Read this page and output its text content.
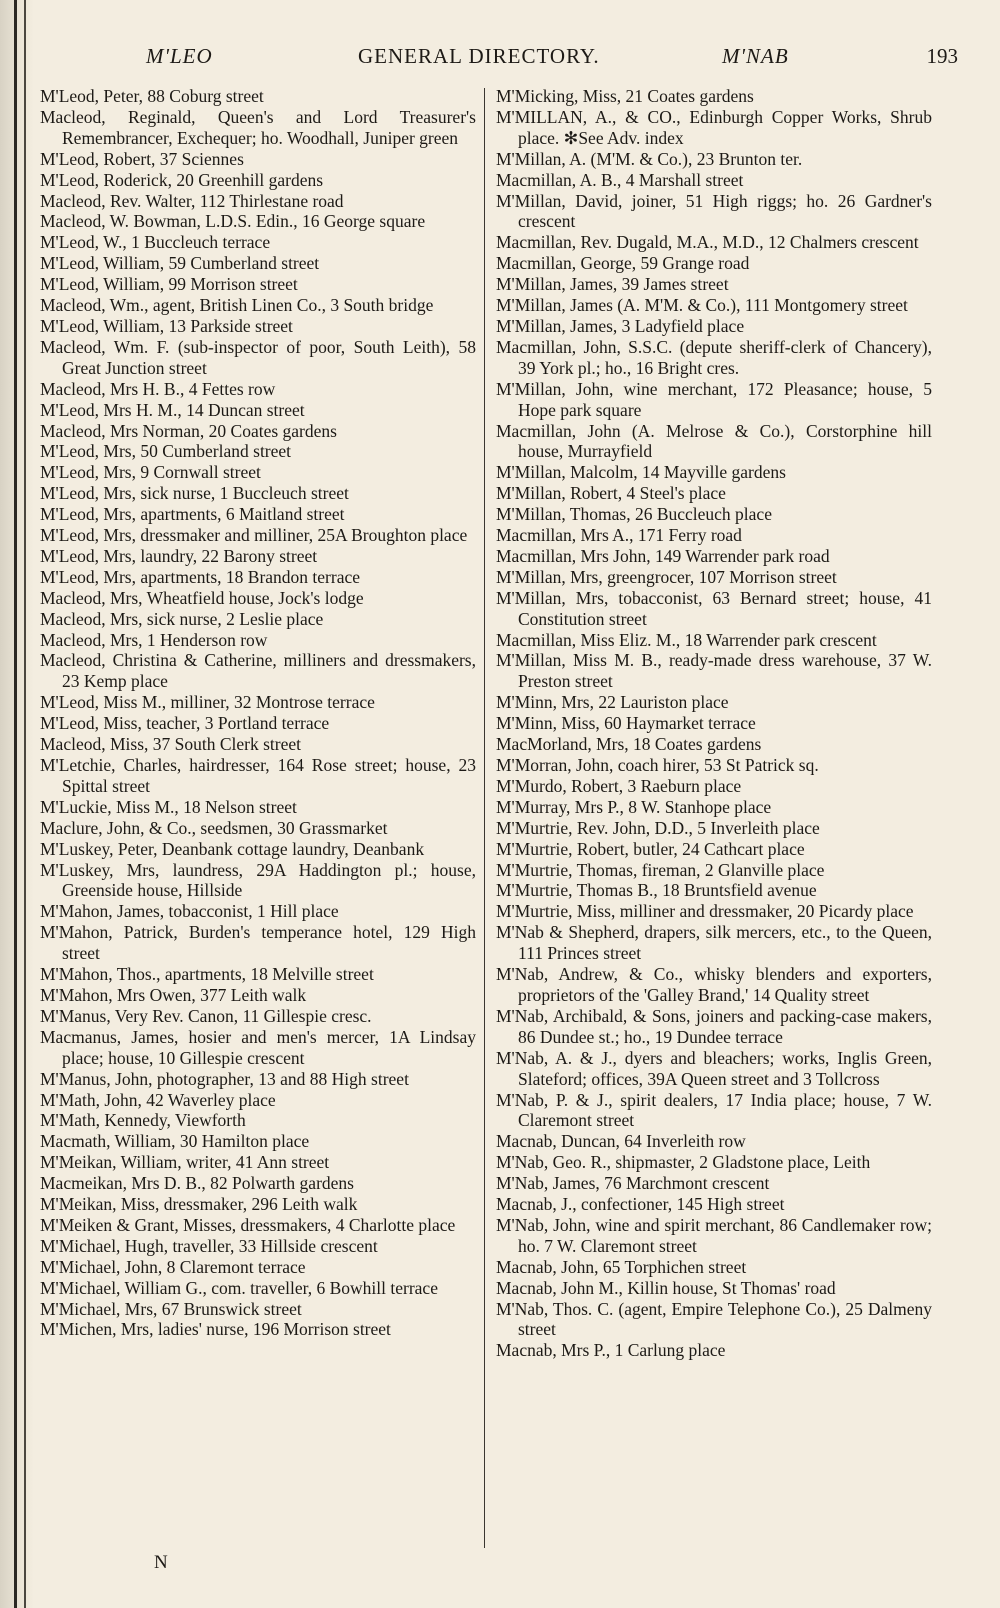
M'LEO	GENERAL DIRECTORY.	M'NAB	193

M'Leod, Peter, 88 Coburg street

Macleod, Reginald, Queen's and Lord Treasurer's Remembrancer, Exchequer; ho. Woodhall, Juniper green

M'Leod, Robert, 37 Sciennes

M'Leod, Roderick, 20 Greenhill gardens

Macleod, Rev. Walter, 112 Thirlestane road

Macleod, W. Bowman, L.D.S. Edin., 16 George square

M'Leod, W., 1 Buccleuch terrace

M'Leod, William, 59 Cumberland street

M'Leod, William, 99 Morrison street

Macleod, Wm., agent, British Linen Co., 3 South bridge

M'Leod, William, 13 Parkside street

Macleod, Wm. F. (sub-inspector of poor, South Leith), 58 Great Junction street

Macleod, Mrs H. B., 4 Fettes row

M'Leod, Mrs H. M., 14 Duncan street

Macleod, Mrs Norman, 20 Coates gardens

M'Leod, Mrs, 50 Cumberland street

M'Leod, Mrs, 9 Cornwall street

M'Leod, Mrs, sick nurse, 1 Buccleuch street

M'Leod, Mrs, apartments, 6 Maitland street

M'Leod, Mrs, dressmaker and milliner, 25A Broughton place

M'Leod, Mrs, laundry, 22 Barony street

M'Leod, Mrs, apartments, 18 Brandon terrace

Macleod, Mrs, Wheatfield house, Jock's lodge

Macleod, Mrs, sick nurse, 2 Leslie place

Macleod, Mrs, 1 Henderson row

Macleod, Christina & Catherine, milliners and dressmakers, 23 Kemp place

M'Leod, Miss M., milliner, 32 Montrose terrace

M'Leod, Miss, teacher, 3 Portland terrace

Macleod, Miss, 37 South Clerk street

M'Letchie, Charles, hairdresser, 164 Rose street; house, 23 Spittal street

M'Luckie, Miss M., 18 Nelson street

Maclure, John, & Co., seedsmen, 30 Grassmarket

M'Luskey, Peter, Deanbank cottage laundry, Deanbank

M'Luskey, Mrs, laundress, 29A Haddington pl.; house, Greenside house, Hillside

M'Mahon, James, tobacconist, 1 Hill place

M'Mahon, Patrick, Burden's temperance hotel, 129 High street

M'Mahon, Thos., apartments, 18 Melville street

M'Mahon, Mrs Owen, 377 Leith walk

M'Manus, Very Rev. Canon, 11 Gillespie cresc.

Macmanus, James, hosier and men's mercer, 1A Lindsay place; house, 10 Gillespie crescent

M'Manus, John, photographer, 13 and 88 High street

M'Math, John, 42 Waverley place

M'Math, Kennedy, Viewforth

Macmath, William, 30 Hamilton place

M'Meikan, William, writer, 41 Ann street

Macmeikan, Mrs D. B., 82 Polwarth gardens

M'Meikan, Miss, dressmaker, 296 Leith walk

M'Meiken & Grant, Misses, dressmakers, 4 Charlotte place

M'Michael, Hugh, traveller, 33 Hillside crescent

M'Michael, John, 8 Claremont terrace

M'Michael, William G., com. traveller, 6 Bowhill terrace

M'Michael, Mrs, 67 Brunswick street

M'Michen, Mrs, ladies' nurse, 196 Morrison street

M'Micking, Miss, 21 Coates gardens

M'MILLAN, A., & CO., Edinburgh Copper Works, Shrub place. ✻See Adv. index

M'Millan, A. (M'M. & Co.), 23 Brunton ter.

Macmillan, A. B., 4 Marshall street

M'Millan, David, joiner, 51 High riggs; ho. 26 Gardner's crescent

Macmillan, Rev. Dugald, M.A., M.D., 12 Chalmers crescent

Macmillan, George, 59 Grange road

M'Millan, James, 39 James street

M'Millan, James (A. M'M. & Co.), 111 Montgomery street

M'Millan, James, 3 Ladyfield place

Macmillan, John, S.S.C. (depute sheriff-clerk of Chancery), 39 York pl.; ho., 16 Bright cres.

M'Millan, John, wine merchant, 172 Pleasance; house, 5 Hope park square

Macmillan, John (A. Melrose & Co.), Corstorphine hill house, Murrayfield

M'Millan, Malcolm, 14 Mayville gardens

M'Millan, Robert, 4 Steel's place

M'Millan, Thomas, 26 Buccleuch place

Macmillan, Mrs A., 171 Ferry road

Macmillan, Mrs John, 149 Warrender park road

M'Millan, Mrs, greengrocer, 107 Morrison street

M'Millan, Mrs, tobacconist, 63 Bernard street; house, 41 Constitution street

Macmillan, Miss Eliz. M., 18 Warrender park crescent

M'Millan, Miss M. B., ready-made dress warehouse, 37 W. Preston street

M'Minn, Mrs, 22 Lauriston place

M'Minn, Miss, 60 Haymarket terrace

MacMorland, Mrs, 18 Coates gardens

M'Morran, John, coach hirer, 53 St Patrick sq.

M'Murdo, Robert, 3 Raeburn place

M'Murray, Mrs P., 8 W. Stanhope place

M'Murtrie, Rev. John, D.D., 5 Inverleith place

M'Murtrie, Robert, butler, 24 Cathcart place

M'Murtrie, Thomas, fireman, 2 Glanville place

M'Murtrie, Thomas B., 18 Bruntsfield avenue

M'Murtrie, Miss, milliner and dressmaker, 20 Picardy place

M'Nab & Shepherd, drapers, silk mercers, etc., to the Queen, 111 Princes street

M'Nab, Andrew, & Co., whisky blenders and exporters, proprietors of the 'Galley Brand,' 14 Quality street

M'Nab, Archibald, & Sons, joiners and packing-case makers, 86 Dundee st.; ho., 19 Dundee terrace

M'Nab, A. & J., dyers and bleachers; works, Inglis Green, Slateford; offices, 39A Queen street and 3 Tollcross

M'Nab, P. & J., spirit dealers, 17 India place; house, 7 W. Claremont street

Macnab, Duncan, 64 Inverleith row

M'Nab, Geo. R., shipmaster, 2 Gladstone place, Leith

M'Nab, James, 76 Marchmont crescent

Macnab, J., confectioner, 145 High street

M'Nab, John, wine and spirit merchant, 86 Candlemaker row; ho. 7 W. Claremont street

Macnab, John, 65 Torphichen street

Macnab, John M., Killin house, St Thomas' road

M'Nab, Thos. C. (agent, Empire Telephone Co.), 25 Dalmeny street

Macnab, Mrs P., 1 Carlung place

N
